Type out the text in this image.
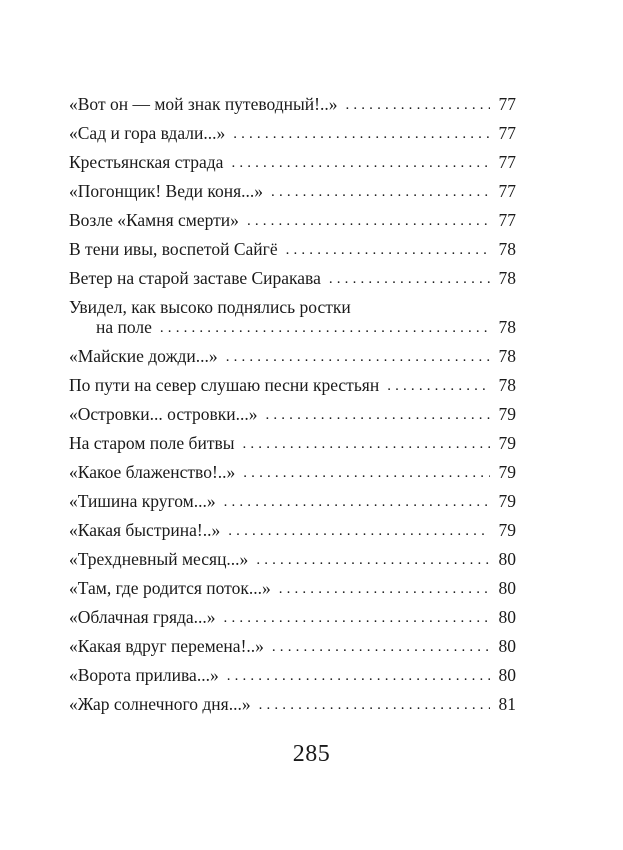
«Вот он — мой знак путеводный!..» . . .	77
«Сад и гора вдали...» . . .	77
Крестьянская страда . . .	77
«Погонщик! Веди коня...» . . .	77
Возле «Камня смерти» . . .	77
В тени ивы, воспетой Сайгё . . .	78
Ветер на старой заставе Сиракава . . .	78
Увидел, как высоко поднялись ростки
на поле . . .	78
«Майские дожди...» . . .	78
По пути на север слушаю песни крестьян . . .	78
«Островки... островки...» . . .	79
На старом поле битвы . . .	79
«Какое блаженство!..» . . .	79
«Тишина кругом...» . . .	79
«Какая быстрина!..» . . .	79
«Трехдневный месяц...» . . .	80
«Там, где родится поток...» . . .	80
«Облачная гряда...» . . .	80
«Какая вдруг перемена!..» . . .	80
«Ворота прилива...» . . .	80
«Жар солнечного дня...» . . .	81
285
